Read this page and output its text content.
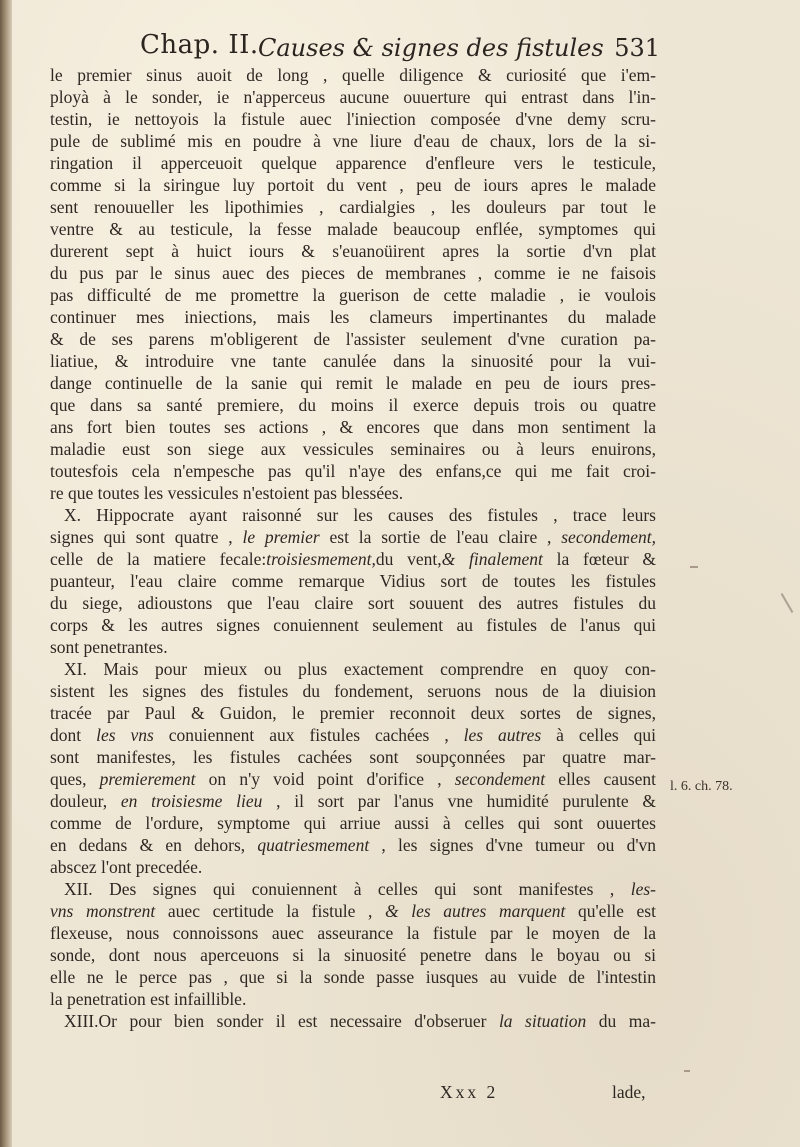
Chap. II. Causes & signes des fistules 531
le premier sinus auoit de long , quelle diligence & curiosité que i'em-
ployà à le sonder, ie n'apperceus aucune ouuerture qui entrast dans l'in-
testin, ie nettoyois la fistule auec l'iniection composée d'vne demy scru-
pule de sublimé mis en poudre à vne liure d'eau de chaux, lors de la si-
ringation il apperceuoit quelque apparence d'enfleure vers le testicule,
comme si la siringue luy portoit du vent , peu de iours apres le malade
sent renouueller les lipothimies , cardialgies , les douleurs par tout le
ventre & au testicule, la fesse malade beaucoup enflée, symptomes qui
durerent sept à huict iours & s'euanoüirent apres la sortie d'vn plat
du pus par le sinus auec des pieces de membranes , comme ie ne faisois
pas difficulté de me promettre la guerison de cette maladie , ie voulois
continuer mes iniections, mais les clameurs impertinantes du malade
& de ses parens m'obligerent de l'assister seulement d'vne curation pa-
liatiue, & introduire vne tante canulée dans la sinuosité pour la vui-
dange continuelle de la sanie qui remit le malade en peu de iours pres-
que dans sa santé premiere, du moins il exerce depuis trois ou quatre
ans fort bien toutes ses actions , & encores que dans mon sentiment la
maladie eust son siege aux vessicules seminaires ou à leurs enuirons,
toutesfois cela n'empesche pas qu'il n'aye des enfans,ce qui me fait croi-
re que toutes les vessicules n'estoient pas blessées.
X. Hippocrate ayant raisonné sur les causes des fistules , trace leurs
signes qui sont quatre , le premier est la sortie de l'eau claire , secondement,
celle de la matiere fecale:troisiesmement,du vent,& finalement la fœteur &
puanteur, l'eau claire comme remarque Vidius sort de toutes les fistules
du siege, adioustons que l'eau claire sort souuent des autres fistules du
corps & les autres signes conuiennent seulement au fistules de l'anus qui
sont penetrantes.
XI. Mais pour mieux ou plus exactement comprendre en quoy con-
sistent les signes des fistules du fondement, seruons nous de la diuision
tracée par Paul & Guidon, le premier reconnoit deux sortes de signes,
dont les vns conuiennent aux fistules cachées , les autres à celles qui
sont manifestes, les fistules cachées sont soupçonnées par quatre mar-
ques, premierement on n'y void point d'orifice , secondement elles causent
douleur, en troisiesme lieu , il sort par l'anus vne humidité purulente &
comme de l'ordure, symptome qui arriue aussi à celles qui sont ouuertes
en dedans & en dehors, quatriesmement , les signes d'vne tumeur ou d'vn
abscez l'ont precedée.
XII. Des signes qui conuiennent à celles qui sont manifestes , les-
vns monstrent auec certitude la fistule , & les autres marquent qu'elle est
flexeuse, nous connoissons auec asseurance la fistule par le moyen de la
sonde, dont nous aperceuons si la sinuosité penetre dans le boyau ou si
elle ne le perce pas , que si la sonde passe iusques au vuide de l'intestin
la penetration est infaillible.
XIII.Or pour bien sonder il est necessaire d'obseruer la situation du ma-
l. 6. ch. 78.
Xxx 2	lade,
